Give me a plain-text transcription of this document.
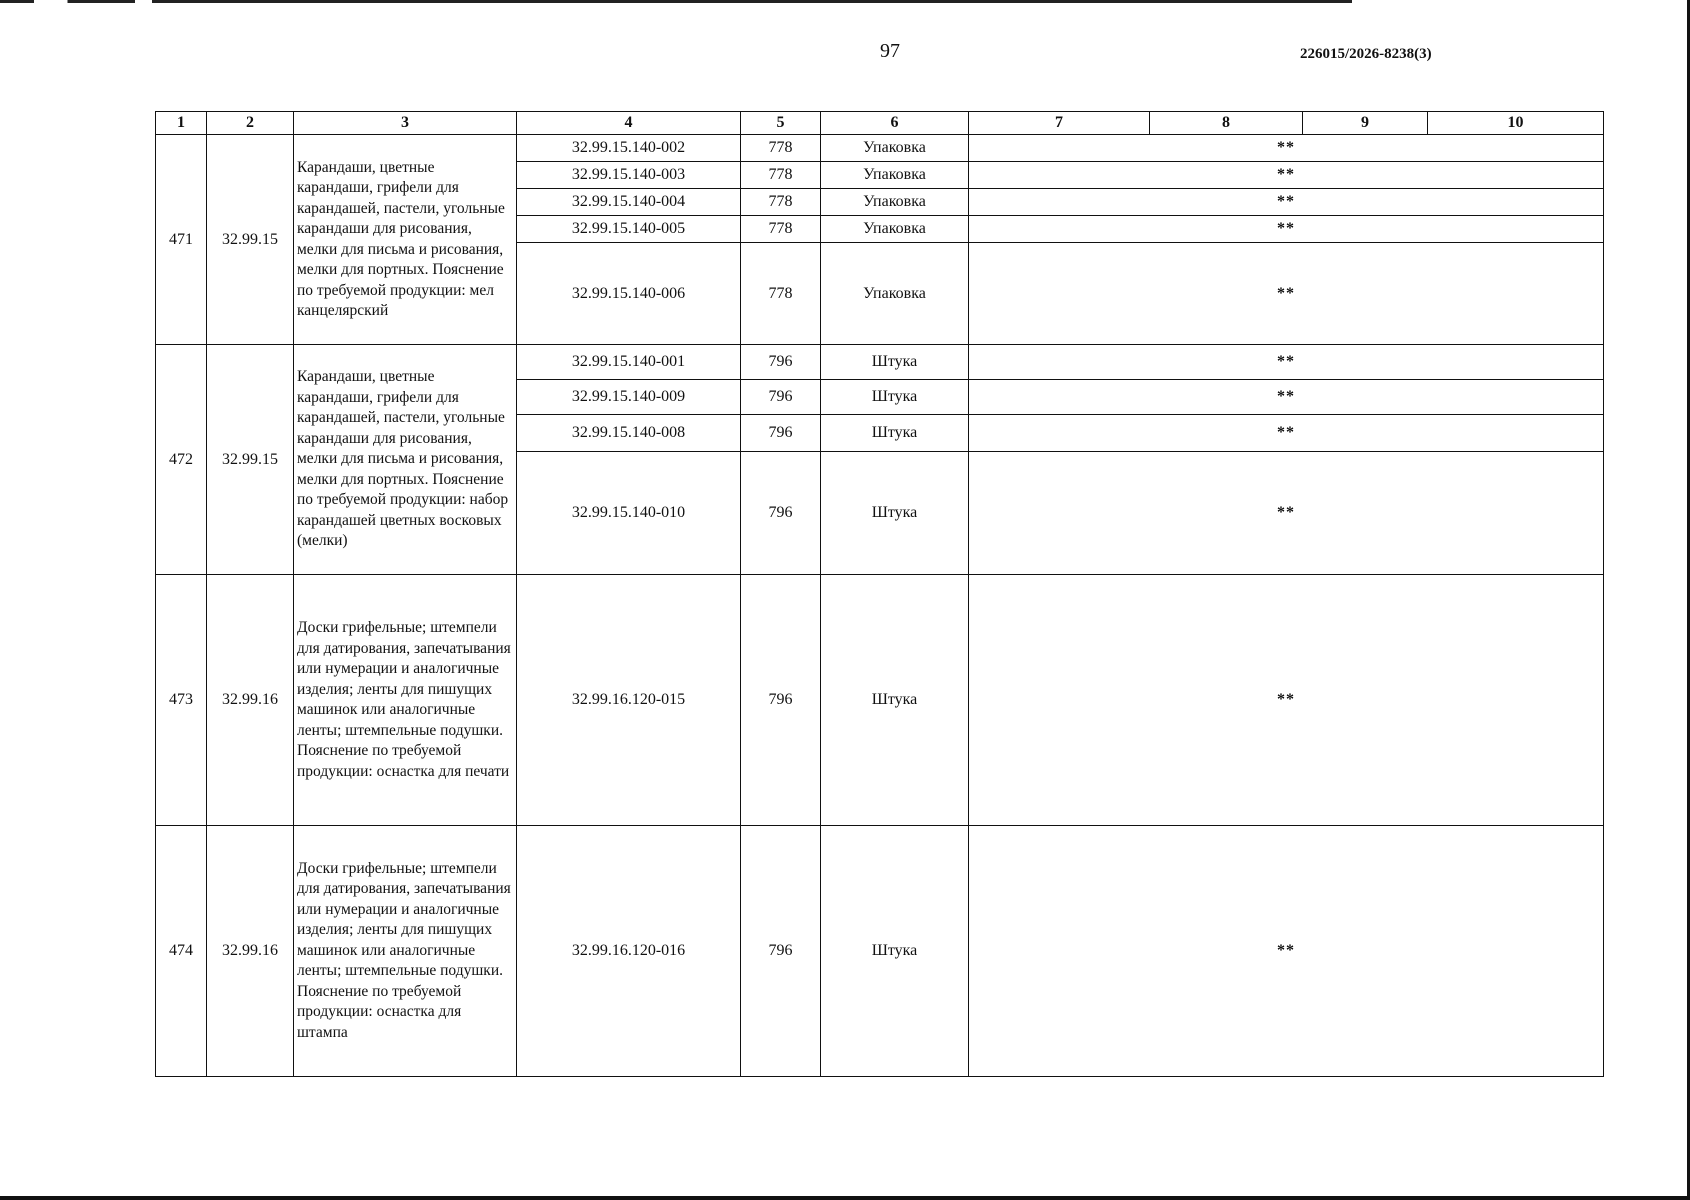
97	226015/2026-8238(3)
1	2	3	4	5	6	7	8	9	10
471	32.99.15	Карандаши, цветные карандаши, грифели для карандашей, пастели, угольные карандаши для рисования, мелки для письма и рисования, мелки для портных. Пояснение по требуемой продукции: мел канцелярский	32.99.15.140-002	778	Упаковка	**			
			32.99.15.140-003	778	Упаковка	**			
			32.99.15.140-004	778	Упаковка	**			
			32.99.15.140-005	778	Упаковка	**			
			32.99.15.140-006	778	Упаковка	**			
472	32.99.15	Карандаши, цветные карандаши, грифели для карандашей, пастели, угольные карандаши для рисования, мелки для письма и рисования, мелки для портных. Пояснение по требуемой продукции: набор карандашей цветных восковых (мелки)	32.99.15.140-001	796	Штука	**			
			32.99.15.140-009	796	Штука	**			
			32.99.15.140-008	796	Штука	**			
			32.99.15.140-010	796	Штука	**			
473	32.99.16	Доски грифельные; штемпели для датирования, запечатывания или нумерации и аналогичные изделия; ленты для пишущих машинок или аналогичные ленты; штемпельные подушки. Пояснение по требуемой продукции: оснастка для печати	32.99.16.120-015	796	Штука	**			
474	32.99.16	Доски грифельные; штемпели для датирования, запечатывания или нумерации и аналогичные изделия; ленты для пишущих машинок или аналогичные ленты; штемпельные подушки. Пояснение по требуемой продукции: оснастка для штампа	32.99.16.120-016	796	Штука	**			
